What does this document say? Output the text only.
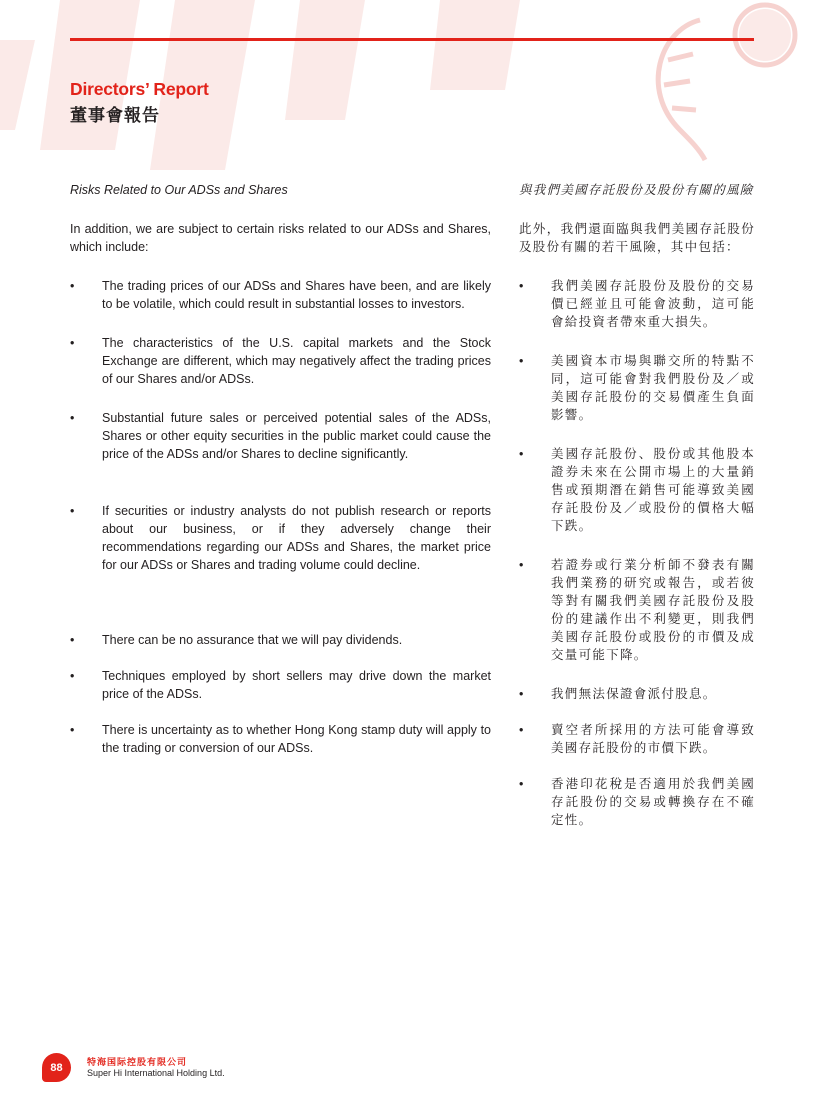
Directors’ Report
董事會報告

Risks Related to Our ADSs and Shares

In addition, we are subject to certain risks related to our ADSs and Shares, which include:

•	The trading prices of our ADSs and Shares have been, and are likely to be volatile, which could result in substantial losses to investors.
•	The characteristics of the U.S. capital markets and the Stock Exchange are different, which may negatively affect the trading prices of our Shares and/or ADSs.
•	Substantial future sales or perceived potential sales of the ADSs, Shares or other equity securities in the public market could cause the price of the ADSs and/or Shares to decline significantly.
•	If securities or industry analysts do not publish research or reports about our business, or if they adversely change their recommendations regarding our ADSs and Shares, the market price for our ADSs or Shares and trading volume could decline.
•	There can be no assurance that we will pay dividends.
•	Techniques employed by short sellers may drive down the market price of the ADSs.
•	There is uncertainty as to whether Hong Kong stamp duty will apply to the trading or conversion of our ADSs.

與我們美國存託股份及股份有關的風險

此外，我們還面臨與我們美國存託股份及股份有關的若干風險，其中包括：

•	我們美國存託股份及股份的交易價已經並且可能會波動，這可能會給投資者帶來重大損失。
•	美國資本市場與聯交所的特點不同，這可能會對我們股份及／或美國存託股份的交易價產生負面影響。
•	美國存託股份、股份或其他股本證券未來在公開市場上的大量銷售或預期潛在銷售可能導致美國存託股份及／或股份的價格大幅下跌。
•	若證券或行業分析師不發表有關我們業務的研究或報告，或若彼等對有關我們美國存託股份及股份的建議作出不利變更，則我們美國存託股份或股份的市價及成交量可能下降。
•	我們無法保證會派付股息。
•	賣空者所採用的方法可能會導致美國存託股份的市價下跌。
•	香港印花稅是否適用於我們美國存託股份的交易或轉換存在不確定性。
88	特海国际控股有限公司
Super Hi International Holding Ltd.
